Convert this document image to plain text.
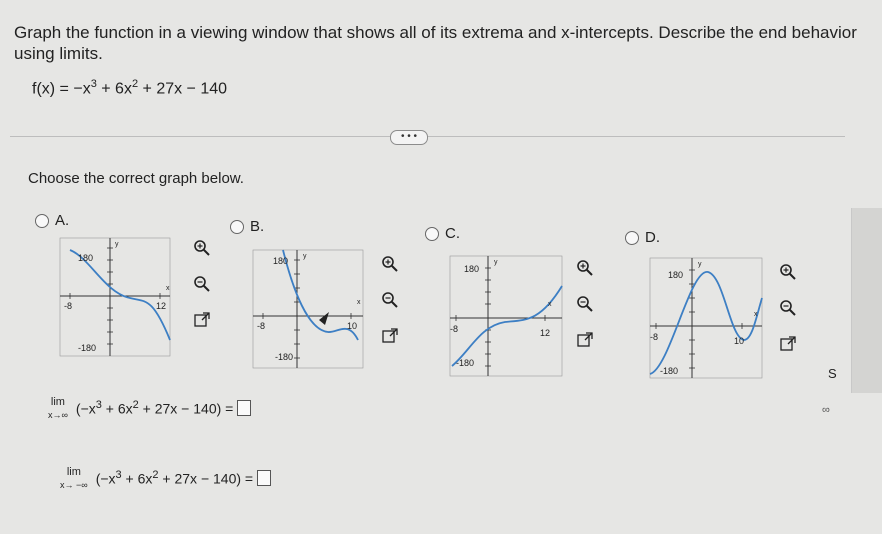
Graph the function in a viewing window that shows all of its extrema and x-intercepts. Describe the end behavior using limits.
$f(x) = -x^3 + 6x^2 + 27x - 140$
• • •
Choose the correct graph below.
A.
180
-180
-8	12
x
y
B.
180
-180
-8	10
x
y
C.
180
-180
-8	12
x
y
D.
180
-180
-8	10
x
y
lim
x→∞ $(-x^3 + 6x^2 + 27x - 140)$ =
lim
x→ −∞ $(-x^3 + 6x^2 + 27x - 140)$ =
S
∞
